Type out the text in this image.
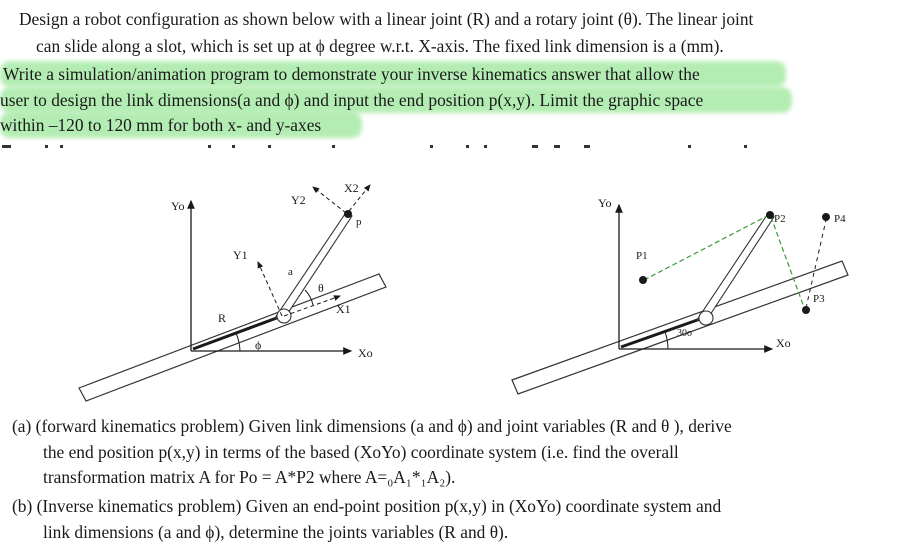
Design a robot configuration as shown below with a linear joint (R) and a rotary joint (θ). The linear joint
can slide along a slot, which is set up at ϕ degree w.r.t. X-axis. The fixed link dimension is a (mm).
Write a simulation/animation program to demonstrate your inverse kinematics answer that allow the
user to design the link dimensions(a and ϕ) and input the end position p(x,y). Limit the graphic space
within –120 to 120 mm for both x- and y-axes
Yo
Xo
Y1
X1
Y2
X2
R
a
θ
ϕ
p
Yo
Xo
P1
P2
P3
P4
30o
(a) (forward kinematics problem) Given link dimensions (a and ϕ) and joint variables (R and θ ), derive
the end position p(x,y) in terms of the based (XoYo) coordinate system (i.e. find the overall
transformation matrix A for Po = A*P2 where A=₀A₁*₁A₂).
(b) (Inverse kinematics problem) Given an end-point position p(x,y) in (XoYo) coordinate system and
link dimensions (a and ϕ), determine the joints variables (R and θ).
